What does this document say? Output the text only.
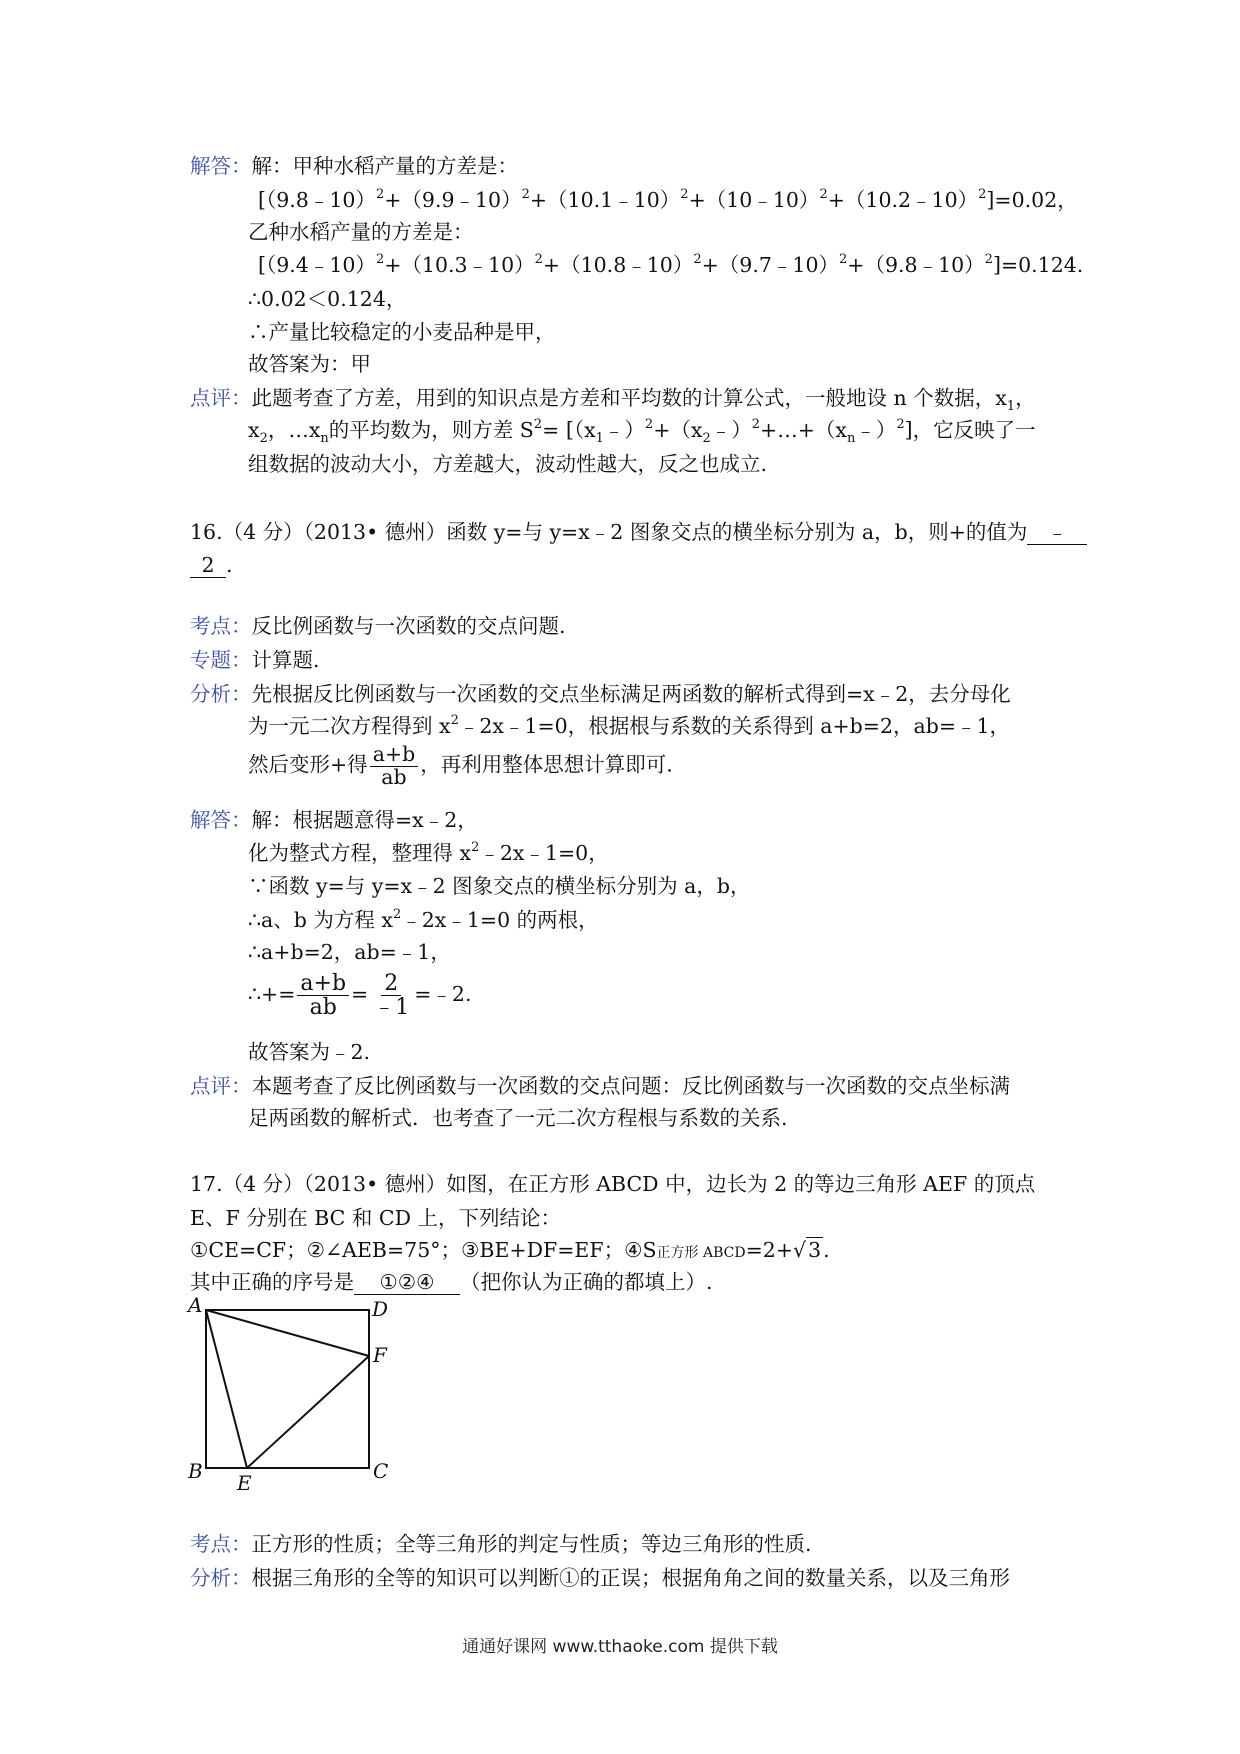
解答：解：甲种水稻产量的方差是：
[（9.8﹣10）$^2$+（9.9﹣10）$^2$+（10.1﹣10）$^2$+（10﹣10）$^2$+（10.2﹣10）$^2$]=0.02，
乙种水稻产量的方差是：
[（9.4﹣10）$^2$+（10.3﹣10）$^2$+（10.8﹣10）$^2$+（9.7﹣10）$^2$+（9.8﹣10）$^2$]=0.124.
∴0.02＜0.124，
∴产量比较稳定的小麦品种是甲，
故答案为：甲
点评：此题考查了方差，用到的知识点是方差和平均数的计算公式，一般地设 n 个数据，$x_1$，
$x_2$，$\dots x_n$的平均数为，则方差 $S^2=$ $[(x_1﹣)^2+(x_2﹣)^2+\dots+(x_n﹣)^2]$，它反映了一
组数据的波动大小，方差越大，波动性越大，反之也成立.
16.（4 分）（2013• 德州）函数 y=与 y=x﹣2 图象交点的横坐标分别为 a，b，则+的值为 ﹣
2 .
考点：反比例函数与一次函数的交点问题.
专题：计算题.
分析：先根据反比例函数与一次函数的交点坐标满足两函数的解析式得到=x﹣2，去分母化
为一元二次方程得到 $x^2﹣2x﹣1=0$，根据根与系数的关系得到 a+b=2，ab=﹣1，
然后变形+得 $\frac{a+b}{ab}$ ，再利用整体思想计算即可.
解答：解：根据题意得=x﹣2，
化为整式方程，整理得 $x^2﹣2x﹣1=0$，
∵函数 y=与 y=x﹣2 图象交点的横坐标分别为 a，b，
∴a、b 为方程 $x^2﹣2x﹣1=0$ 的两根，
∴a+b=2，ab=﹣1，
∴+= $\frac{a+b}{ab} = \frac{2}{﹣1}$ =﹣2.
故答案为﹣2.
点评：本题考查了反比例函数与一次函数的交点问题：反比例函数与一次函数的交点坐标满
足两函数的解析式．也考查了一元二次方程根与系数的关系.
17.（4 分）（2013• 德州）如图，在正方形 ABCD 中，边长为 2 的等边三角形 AEF 的顶点
E、F 分别在 BC 和 CD 上，下列结论：
①CE=CF；②∠AEB=75°；③BE+DF=EF；④S正方形 ABCD=2+√3.
其中正确的序号是 ①②④ （把你认为正确的都填上）.
A	D
F
B E	C
考点：正方形的性质；全等三角形的判定与性质；等边三角形的性质.
分析：根据三角形的全等的知识可以判断①的正误；根据角角之间的数量关系，以及三角形
通通好课网 www.tthaoke.com 提供下载
